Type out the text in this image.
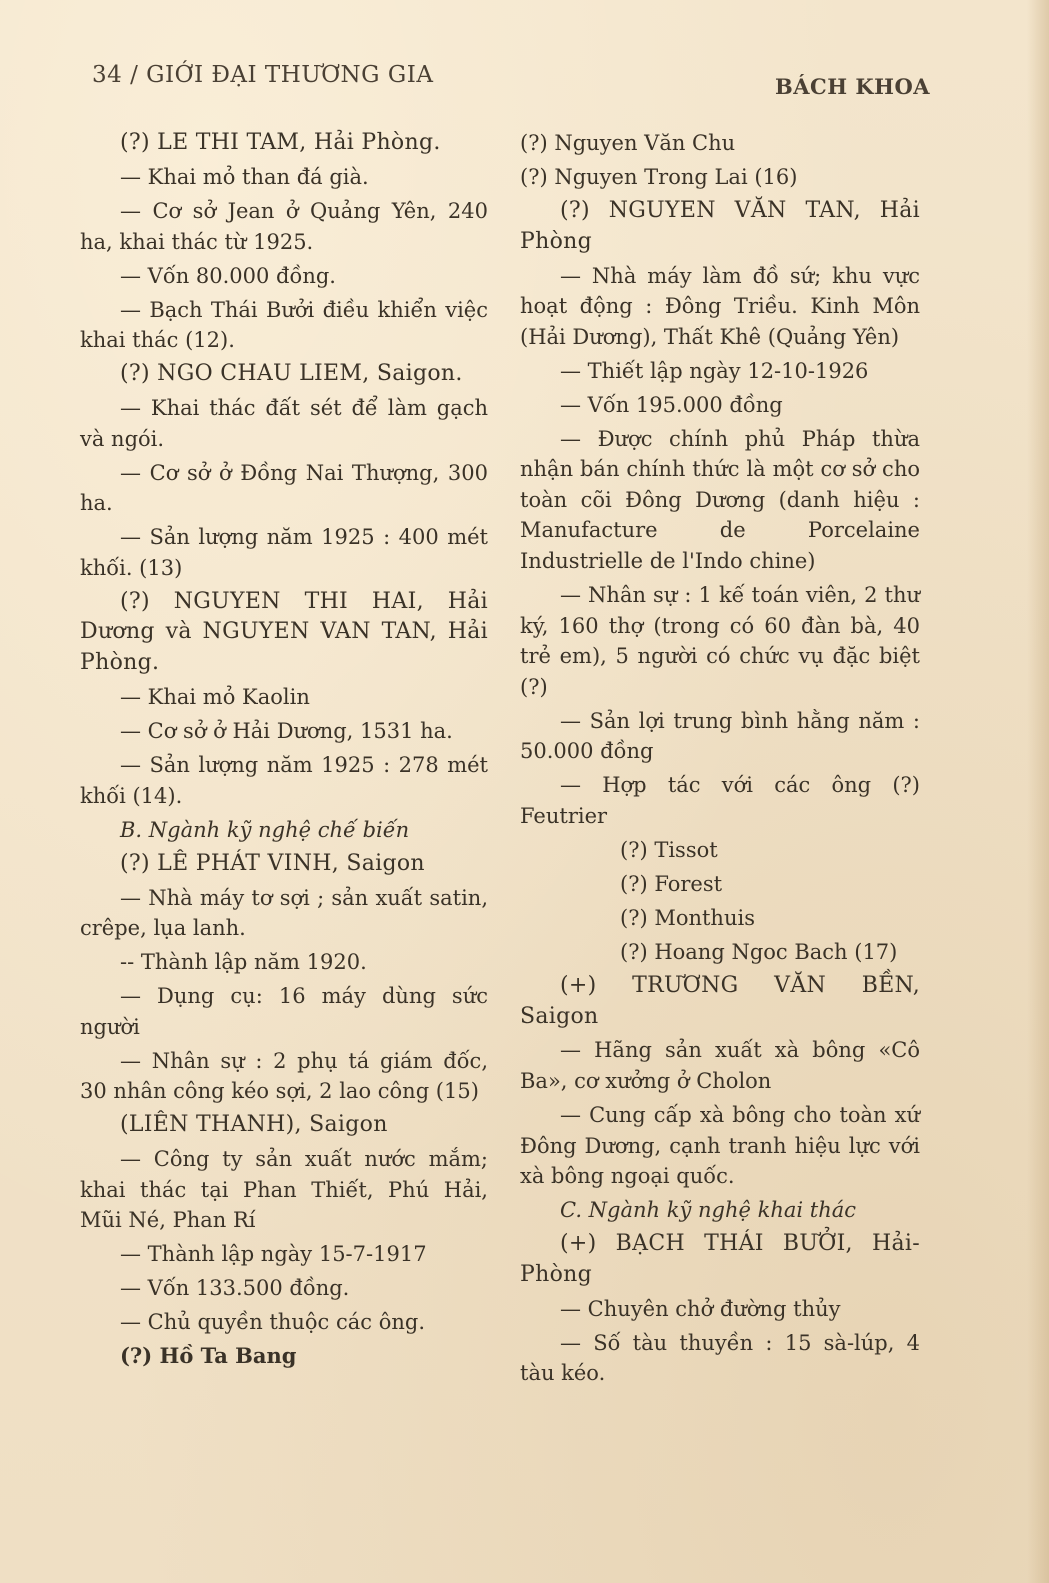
34 / GIỚI ĐẠI THƯƠNG GIA	BÁCH KHOA

(?) LE THI TAM, Hải Phòng.

— Khai mỏ than đá già.

— Cơ sở Jean ở Quảng Yên, 240 ha, khai thác từ 1925.

— Vốn 80.000 đồng.

— Bạch Thái Bưởi điều khiển việc khai thác (12).

(?) NGO CHAU LIEM, Saigon.

— Khai thác đất sét để làm gạch và ngói.

— Cơ sở ở Đồng Nai Thượng, 300 ha.

— Sản lượng năm 1925 : 400 mét khối. (13)

(?) NGUYEN THI HAI, Hải Dương và NGUYEN VAN TAN, Hải Phòng.

— Khai mỏ Kaolin

— Cơ sở ở Hải Dương, 1531 ha.

— Sản lượng năm 1925 : 278 mét khối (14).

B. Ngành kỹ nghệ chế biến

(?) LÊ PHÁT VINH, Saigon

— Nhà máy tơ sợi ; sản xuất satin, crêpe, lụa lanh.

-- Thành lập năm 1920.

— Dụng cụ: 16 máy dùng sức người

— Nhân sự : 2 phụ tá giám đốc, 30 nhân công kéo sợi, 2 lao công (15)

(LIÊN THANH), Saigon

— Công ty sản xuất nước mắm; khai thác tại Phan Thiết, Phú Hải, Mũi Né, Phan Rí

— Thành lập ngày 15-7-1917

— Vốn 133.500 đồng.

— Chủ quyền thuộc các ông.

(?) Hồ Ta Bang

(?) Nguyen Văn Chu

(?) Nguyen Trong Lai (16)

(?) NGUYEN VĂN TAN, Hải Phòng

— Nhà máy làm đồ sứ; khu vực hoạt động : Đông Triều. Kinh Môn (Hải Dương), Thất Khê (Quảng Yên)

— Thiết lập ngày 12-10-1926

— Vốn 195.000 đồng

— Được chính phủ Pháp thừa nhận bán chính thức là một cơ sở cho toàn cõi Đông Dương (danh hiệu : Manufacture de Porcelaine Industrielle de l'Indo chine)

— Nhân sự : 1 kế toán viên, 2 thư ký, 160 thợ (trong có 60 đàn bà, 40 trẻ em), 5 người có chức vụ đặc biệt (?)

— Sản lợi trung bình hằng năm : 50.000 đồng

— Hợp tác với các ông (?) Feutrier

(?) Tissot

(?) Forest

(?) Monthuis

(?) Hoang Ngoc Bach (17)

(+) TRƯƠNG VĂN BỀN, Saigon

— Hãng sản xuất xà bông «Cô Ba», cơ xưởng ở Cholon

— Cung cấp xà bông cho toàn xứ Đông Dương, cạnh tranh hiệu lực với xà bông ngoại quốc.

C. Ngành kỹ nghệ khai thác

(+) BẠCH THÁI BƯỞI, Hải-Phòng

— Chuyên chở đường thủy

— Số tàu thuyền : 15 sà-lúp, 4 tàu kéo.
